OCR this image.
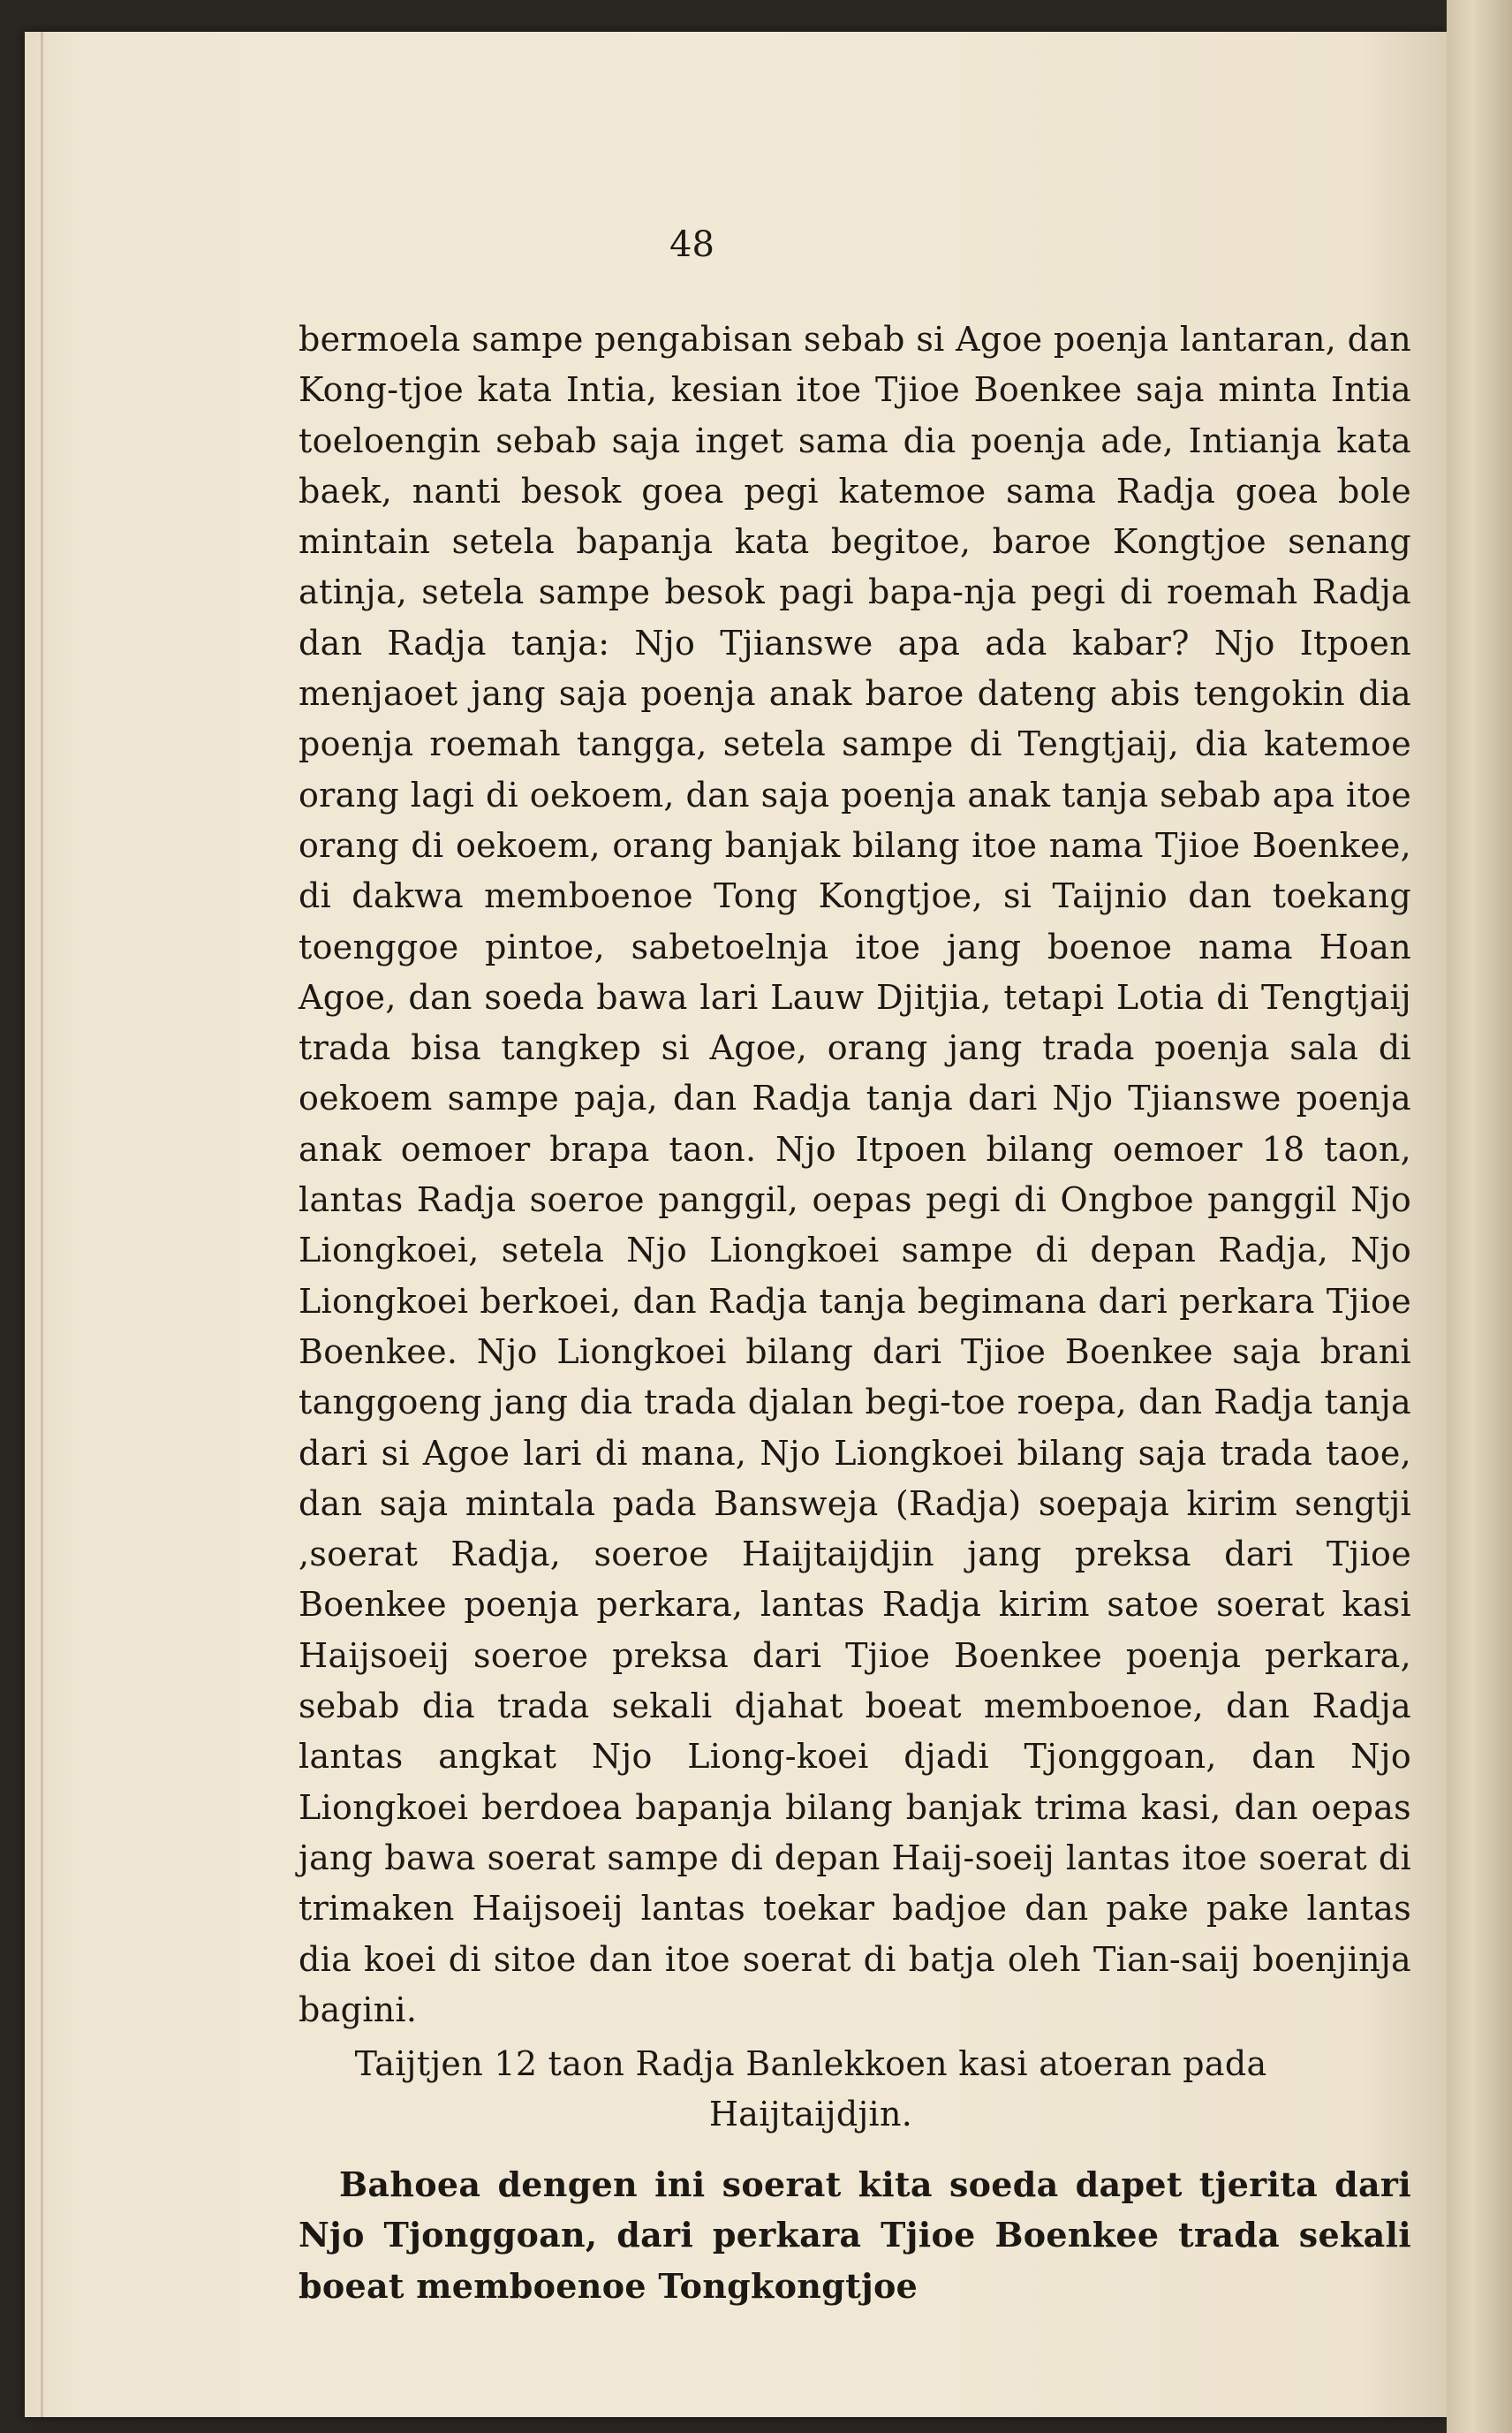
48

bermoela sampe pengabisan sebab si Agoe poenja lantaran, dan Kong-tjoe kata Intia, kesian itoe Tjioe Boenkee saja minta Intia toeloengin sebab saja inget sama dia poenja ade, Intianja kata baek, nanti besok goea pegi katemoe sama Radja goea bole mintain setela bapanja kata begitoe, baroe Kongtjoe senang atinja, setela sampe besok pagi bapa-nja pegi di roemah Radja dan Radja tanja: Njo Tjianswe apa ada kabar? Njo Itpoen menjaoet jang saja poenja anak baroe dateng abis tengokin dia poenja roemah tangga, setela sampe di Tengtjaij, dia katemoe orang lagi di oekoem, dan saja poenja anak tanja sebab apa itoe orang di oekoem, orang banjak bilang itoe nama Tjioe Boenkee, di dakwa memboenoe Tong Kongtjoe, si Taijnio dan toekang toenggoe pintoe, sabetoelnja itoe jang boenoe nama Hoan Agoe, dan soeda bawa lari Lauw Djitjia, tetapi Lotia di Tengtjaij trada bisa tangkep si Agoe, orang jang trada poenja sala di oekoem sampe paja, dan Radja tanja dari Njo Tjianswe poenja anak oemoer brapa taon. Njo Itpoen bilang oemoer 18 taon, lantas Radja soeroe panggil, oepas pegi di Ongboe panggil Njo Liongkoei, setela Njo Liongkoei sampe di depan Radja, Njo Liongkoei berkoei, dan Radja tanja begimana dari perkara Tjioe Boenkee. Njo Liongkoei bilang dari Tjioe Boenkee saja brani tanggoeng jang dia trada djalan begi-toe roepa, dan Radja tanja dari si Agoe lari di mana, Njo Liongkoei bilang saja trada taoe, dan saja mintala pada Bansweja (Radja) soepaja kirim sengtji ,soerat Radja, soeroe Haijtaijdjin jang preksa dari Tjioe Boenkee poenja perkara, lantas Radja kirim satoe soerat kasi Haijsoeij soeroe preksa dari Tjioe Boenkee poenja perkara, sebab dia trada sekali djahat boeat memboenoe, dan Radja lantas angkat Njo Liong-koei djadi Tjonggoan, dan Njo Liongkoei berdoea bapanja bilang banjak trima kasi, dan oepas jang bawa soerat sampe di depan Haij-soeij lantas itoe soerat di trimaken Haijsoeij lantas toekar badjoe dan pake pake lantas dia koei di sitoe dan itoe soerat di batja oleh Tian-saij boenjinja bagini.

Taijtjen 12 taon Radja Banlekkoen kasi atoeran pada Haijtaijdjin.

Bahoea dengen ini soerat kita soeda dapet tjerita dari Njo Tjonggoan, dari perkara Tjioe Boenkee trada sekali boeat memboenoe Tongkongtjoe
